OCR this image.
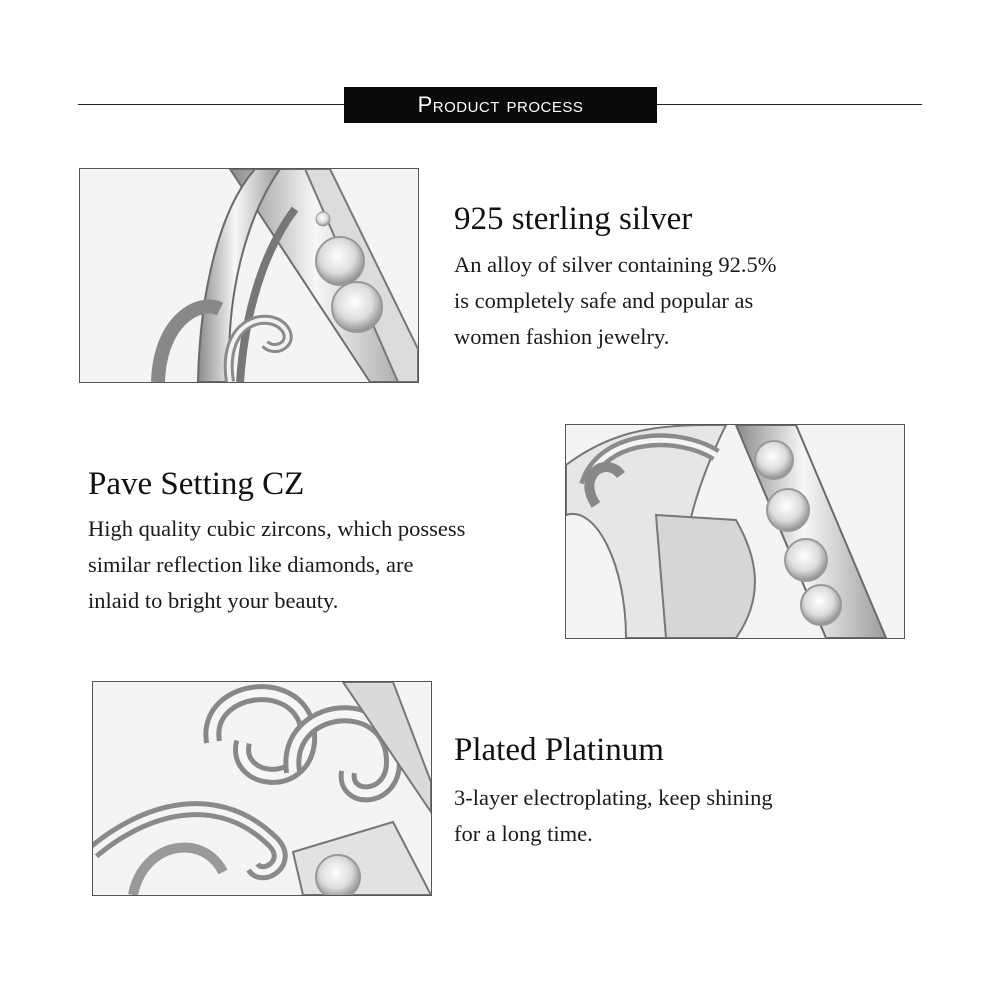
Product process
925 sterling silver
An alloy of silver containing 92.5%
is completely safe and popular as
women fashion jewelry.
Pave Setting CZ
High quality cubic zircons, which possess
similar reflection like diamonds, are
inlaid to bright your beauty.
Plated Platinum
3-layer electroplating, keep shining
for a long time.
